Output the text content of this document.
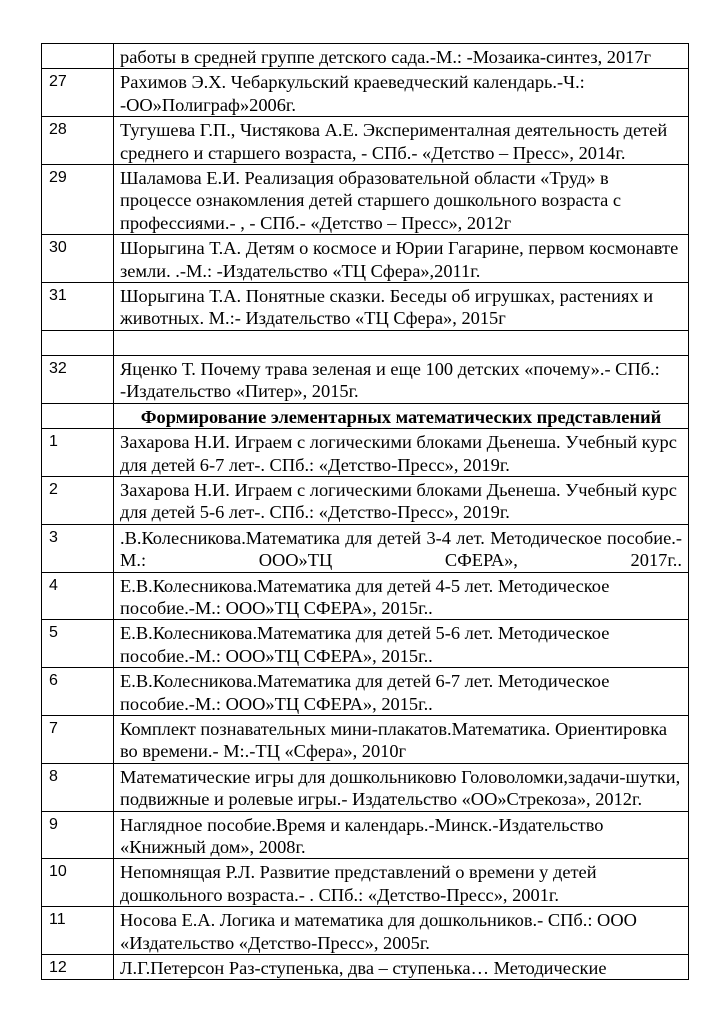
	работы в средней группе детского сада.-М.: -Мозаика-синтез, 2017г
27	Рахимов Э.Х. Чебаркульский краеведческий календарь.-Ч.: -ОО»Полиграф»2006г.
28	Тугушева Г.П., Чистякова А.Е. Эксперименталная деятельность детей среднего и старшего возраста, - СПб.- «Детство – Пресс», 2014г.
29	Шаламова Е.И. Реализация образовательной области «Труд» в процессе ознакомления детей старшего дошкольного возраста с профессиями.- , - СПб.- «Детство – Пресс», 2012г
30	Шорыгина Т.А. Детям о космосе и Юрии Гагарине, первом космонавте земли. .-М.: -Издательство «ТЦ Сфера»,2011г.
31	Шорыгина Т.А. Понятные сказки. Беседы об игрушках, растениях и животных. М.:- Издательство «ТЦ Сфера», 2015г

32	Яценко Т. Почему трава зеленая и еще 100 детских «почему».- СПб.: -Издательство «Питер», 2015г.
	Формирование элементарных математических представлений
1	Захарова Н.И. Играем с логическими блоками Дьенеша. Учебный курс для детей 6-7 лет-. СПб.: «Детство-Пресс», 2019г.
2	Захарова Н.И. Играем с логическими блоками Дьенеша. Учебный курс для детей 5-6 лет-. СПб.: «Детство-Пресс», 2019г.
3	.В.Колесникова.Математика для детей 3-4 лет. Методическое пособие.-М.: ООО»ТЦ СФЕРА», 2017г..
4	Е.В.Колесникова.Математика для детей 4-5 лет. Методическое пособие.-М.: ООО»ТЦ СФЕРА», 2015г..
5	Е.В.Колесникова.Математика для детей 5-6 лет. Методическое пособие.-М.: ООО»ТЦ СФЕРА», 2015г..
6	Е.В.Колесникова.Математика для детей 6-7 лет. Методическое пособие.-М.: ООО»ТЦ СФЕРА», 2015г..
7	Комплект познавательных мини-плакатов.Математика. Ориентировка во времени.- М:.-ТЦ «Сфера», 2010г
8	Математические игры для дошкольниковю Головоломки,задачи-шутки, подвижные и ролевые игры.- Издательство «ОО»Стрекоза», 2012г.
9	Наглядное пособие.Время и календарь.-Минск.-Издательство «Книжный дом», 2008г.
10	Непомнящая Р.Л. Развитие представлений о времени у детей дошкольного возраста.- . СПб.: «Детство-Пресс», 2001г.
11	Носова Е.А. Логика и математика для дошкольников.- СПб.: ООО «Издательство «Детство-Пресс», 2005г.
12	Л.Г.Петерсон Раз-ступенька, два – ступенька… Методические
